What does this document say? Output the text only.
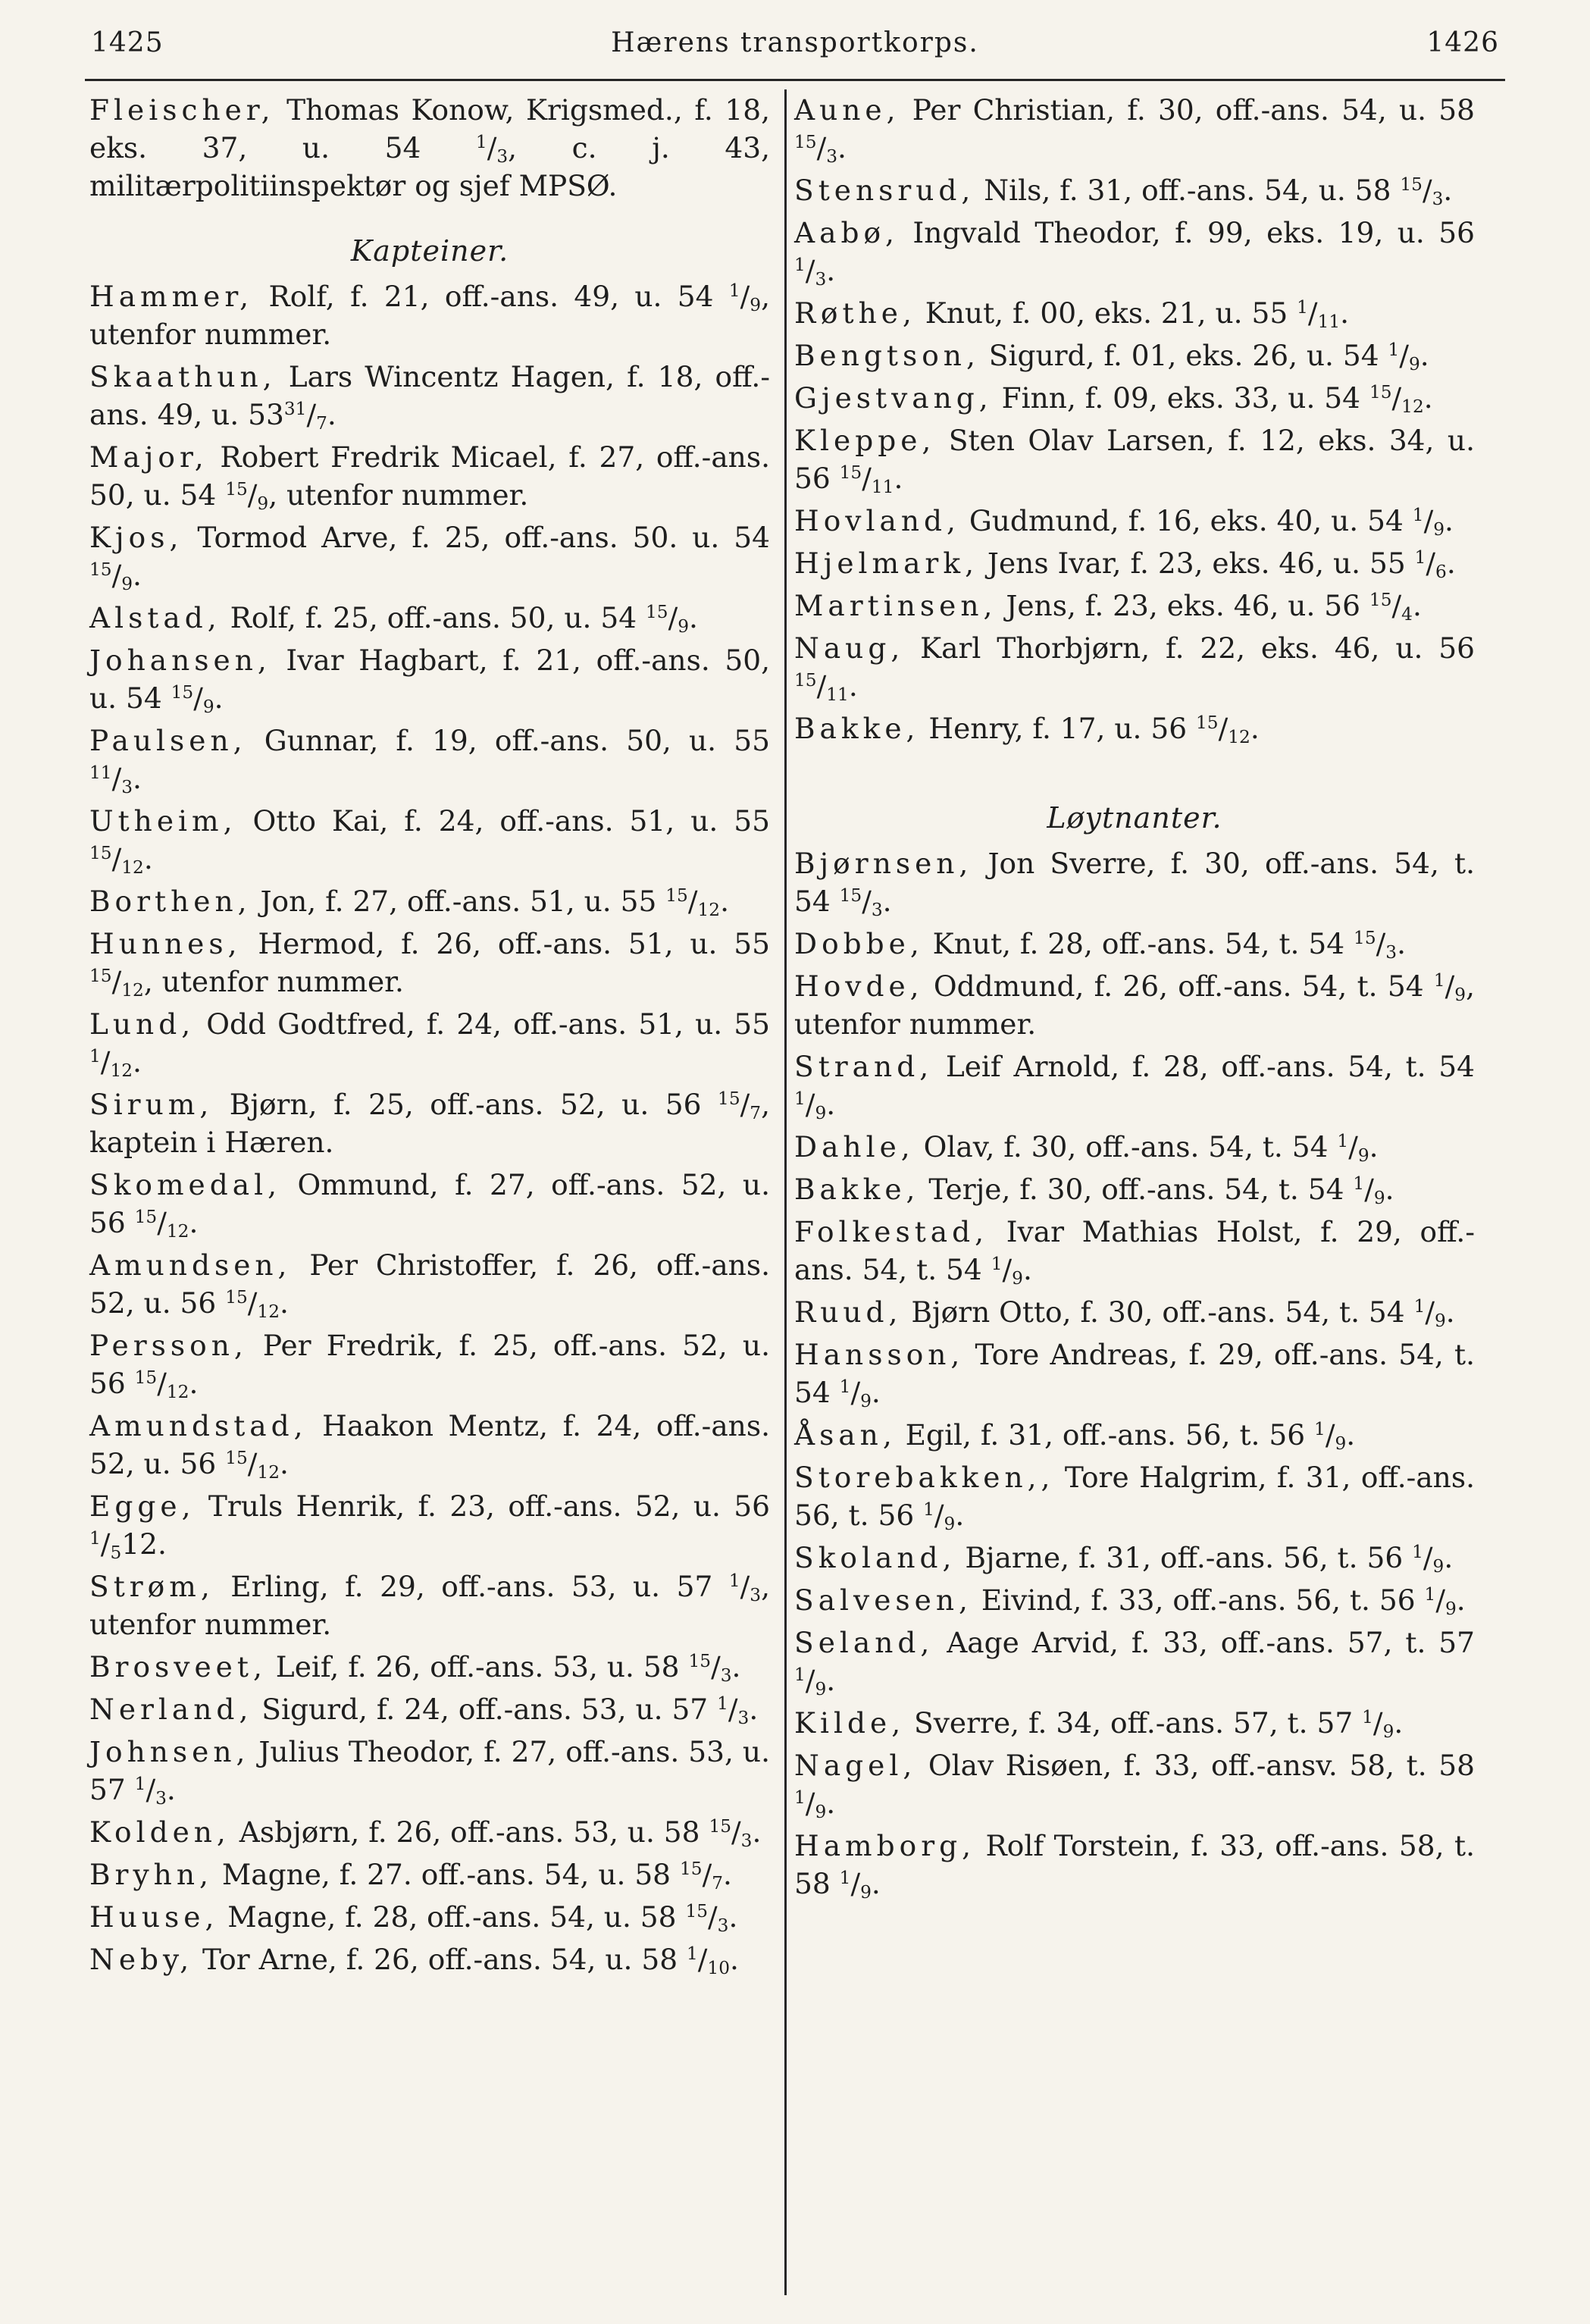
1425	Hærens transportkorps.	1426
Fleischer, Thomas Konow, Krigsmed., f. 18, eks. 37, u. 54 $^1/_3$, c. j. 43, militærpolitiinspektør og sjef MPSØ.
Kapteiner.
Hammer, Rolf, f. 21, off.-ans. 49, u. 54 $^1/_9$, utenfor nummer.
Skaathun, Lars Wincentz Hagen, f. 18, off.-ans. 49, u. $53^{31}/_7$.
Major, Robert Fredrik Micael, f. 27, off.-ans. 50, u. 54 $^{15}/_9$, utenfor nummer.
Kjos, Tormod Arve, f. 25, off.-ans. 50. u. 54 $^{15}/_9$.
Alstad, Rolf, f. 25, off.-ans. 50, u. 54 $^{15}/_9$.
Johansen, Ivar Hagbart, f. 21, off.-ans. 50, u. 54 $^{15}/_9$.
Paulsen, Gunnar, f. 19, off.-ans. 50, u. 55 $^{11}/_3$.
Utheim, Otto Kai, f. 24, off.-ans. 51, u. 55 $^{15}/_{12}$.
Borthen, Jon, f. 27, off.-ans. 51, u. 55 $^{15}/_{12}$.
Hunnes, Hermod, f. 26, off.-ans. 51, u. 55 $^{15}/_{12}$, utenfor nummer.
Lund, Odd Godtfred, f. 24, off.-ans. 51, u. 55 $^1/_{12}$.
Sirum, Bjørn, f. 25, off.-ans. 52, u. 56 $^{15}/_7$, kaptein i Hæren.
Skomedal, Ommund, f. 27, off.-ans. 52, u. 56 $^{15}/_{12}$.
Amundsen, Per Christoffer, f. 26, off.-ans. 52, u. 56 $^{15}/_{12}$.
Persson, Per Fredrik, f. 25, off.-ans. 52, u. 56 $^{15}/_{12}$.
Amundstad, Haakon Mentz, f. 24, off.-ans. 52, u. 56 $^{15}/_{12}$.
Egge, Truls Henrik, f. 23, off.-ans. 52, u. 56 $^1/_512$.
Strøm, Erling, f. 29, off.-ans. 53, u. 57 $^1/_3$, utenfor nummer.
Brosveet, Leif, f. 26, off.-ans. 53, u. 58 $^{15}/_3$.
Nerland, Sigurd, f. 24, off.-ans. 53, u. 57 $^1/_3$.
Johnsen, Julius Theodor, f. 27, off.-ans. 53, u. 57 $^1/_3$.
Kolden, Asbjørn, f. 26, off.-ans. 53, u. 58 $^{15}/_3$.
Bryhn, Magne, f. 27. off.-ans. 54, u. 58 $^{15}/_7$.
Huuse, Magne, f. 28, off.-ans. 54, u. 58 $^{15}/_3$.
Neby, Tor Arne, f. 26, off.-ans. 54, u. 58 $^1/_{10}$.
Aune, Per Christian, f. 30, off.-ans. 54, u. 58 $^{15}/_3$.
Stensrud, Nils, f. 31, off.-ans. 54, u. 58 $^{15}/_3$.
Aabø, Ingvald Theodor, f. 99, eks. 19, u. 56 $^1/_3$.
Røthe, Knut, f. 00, eks. 21, u. 55 $^1/_{11}$.
Bengtson, Sigurd, f. 01, eks. 26, u. 54 $^1/_9$.
Gjestvang, Finn, f. 09, eks. 33, u. 54 $^{15}/_{12}$.
Kleppe, Sten Olav Larsen, f. 12, eks. 34, u. 56 $^{15}/_{11}$.
Hovland, Gudmund, f. 16, eks. 40, u. 54 $^1/_9$.
Hjelmark, Jens Ivar, f. 23, eks. 46, u. 55 $^1/_6$.
Martinsen, Jens, f. 23, eks. 46, u. 56 $^{15}/_4$.
Naug, Karl Thorbjørn, f. 22, eks. 46, u. 56 $^{15}/_{11}$.
Bakke, Henry, f. 17, u. 56 $^{15}/_{12}$.
Løytnanter.
Bjørnsen, Jon Sverre, f. 30, off.-ans. 54, t. 54 $^{15}/_3$.
Dobbe, Knut, f. 28, off.-ans. 54, t. 54 $^{15}/_3$.
Hovde, Oddmund, f. 26, off.-ans. 54, t. 54 $^1/_9$, utenfor nummer.
Strand, Leif Arnold, f. 28, off.-ans. 54, t. 54 $^1/_9$.
Dahle, Olav, f. 30, off.-ans. 54, t. 54 $^1/_9$.
Bakke, Terje, f. 30, off.-ans. 54, t. 54 $^1/_9$.
Folkestad, Ivar Mathias Holst, f. 29, off.-ans. 54, t. 54 $^1/_9$.
Ruud, Bjørn Otto, f. 30, off.-ans. 54, t. 54 $^1/_9$.
Hansson, Tore Andreas, f. 29, off.-ans. 54, t. 54 $^1/_9$.
Åsan, Egil, f. 31, off.-ans. 56, t. 56 $^1/_9$.
Storebakken,, Tore Halgrim, f. 31, off.-ans. 56, t. 56 $^1/_9$.
Skoland, Bjarne, f. 31, off.-ans. 56, t. 56 $^1/_9$.
Salvesen, Eivind, f. 33, off.-ans. 56, t. 56 $^1/_9$.
Seland, Aage Arvid, f. 33, off.-ans. 57, t. 57 $^1/_9$.
Kilde, Sverre, f. 34, off.-ans. 57, t. 57 $^1/_9$.
Nagel, Olav Risøen, f. 33, off.-ansv. 58, t. 58 $^1/_9$.
Hamborg, Rolf Torstein, f. 33, off.-ans. 58, t. 58 $^1/_9$.
